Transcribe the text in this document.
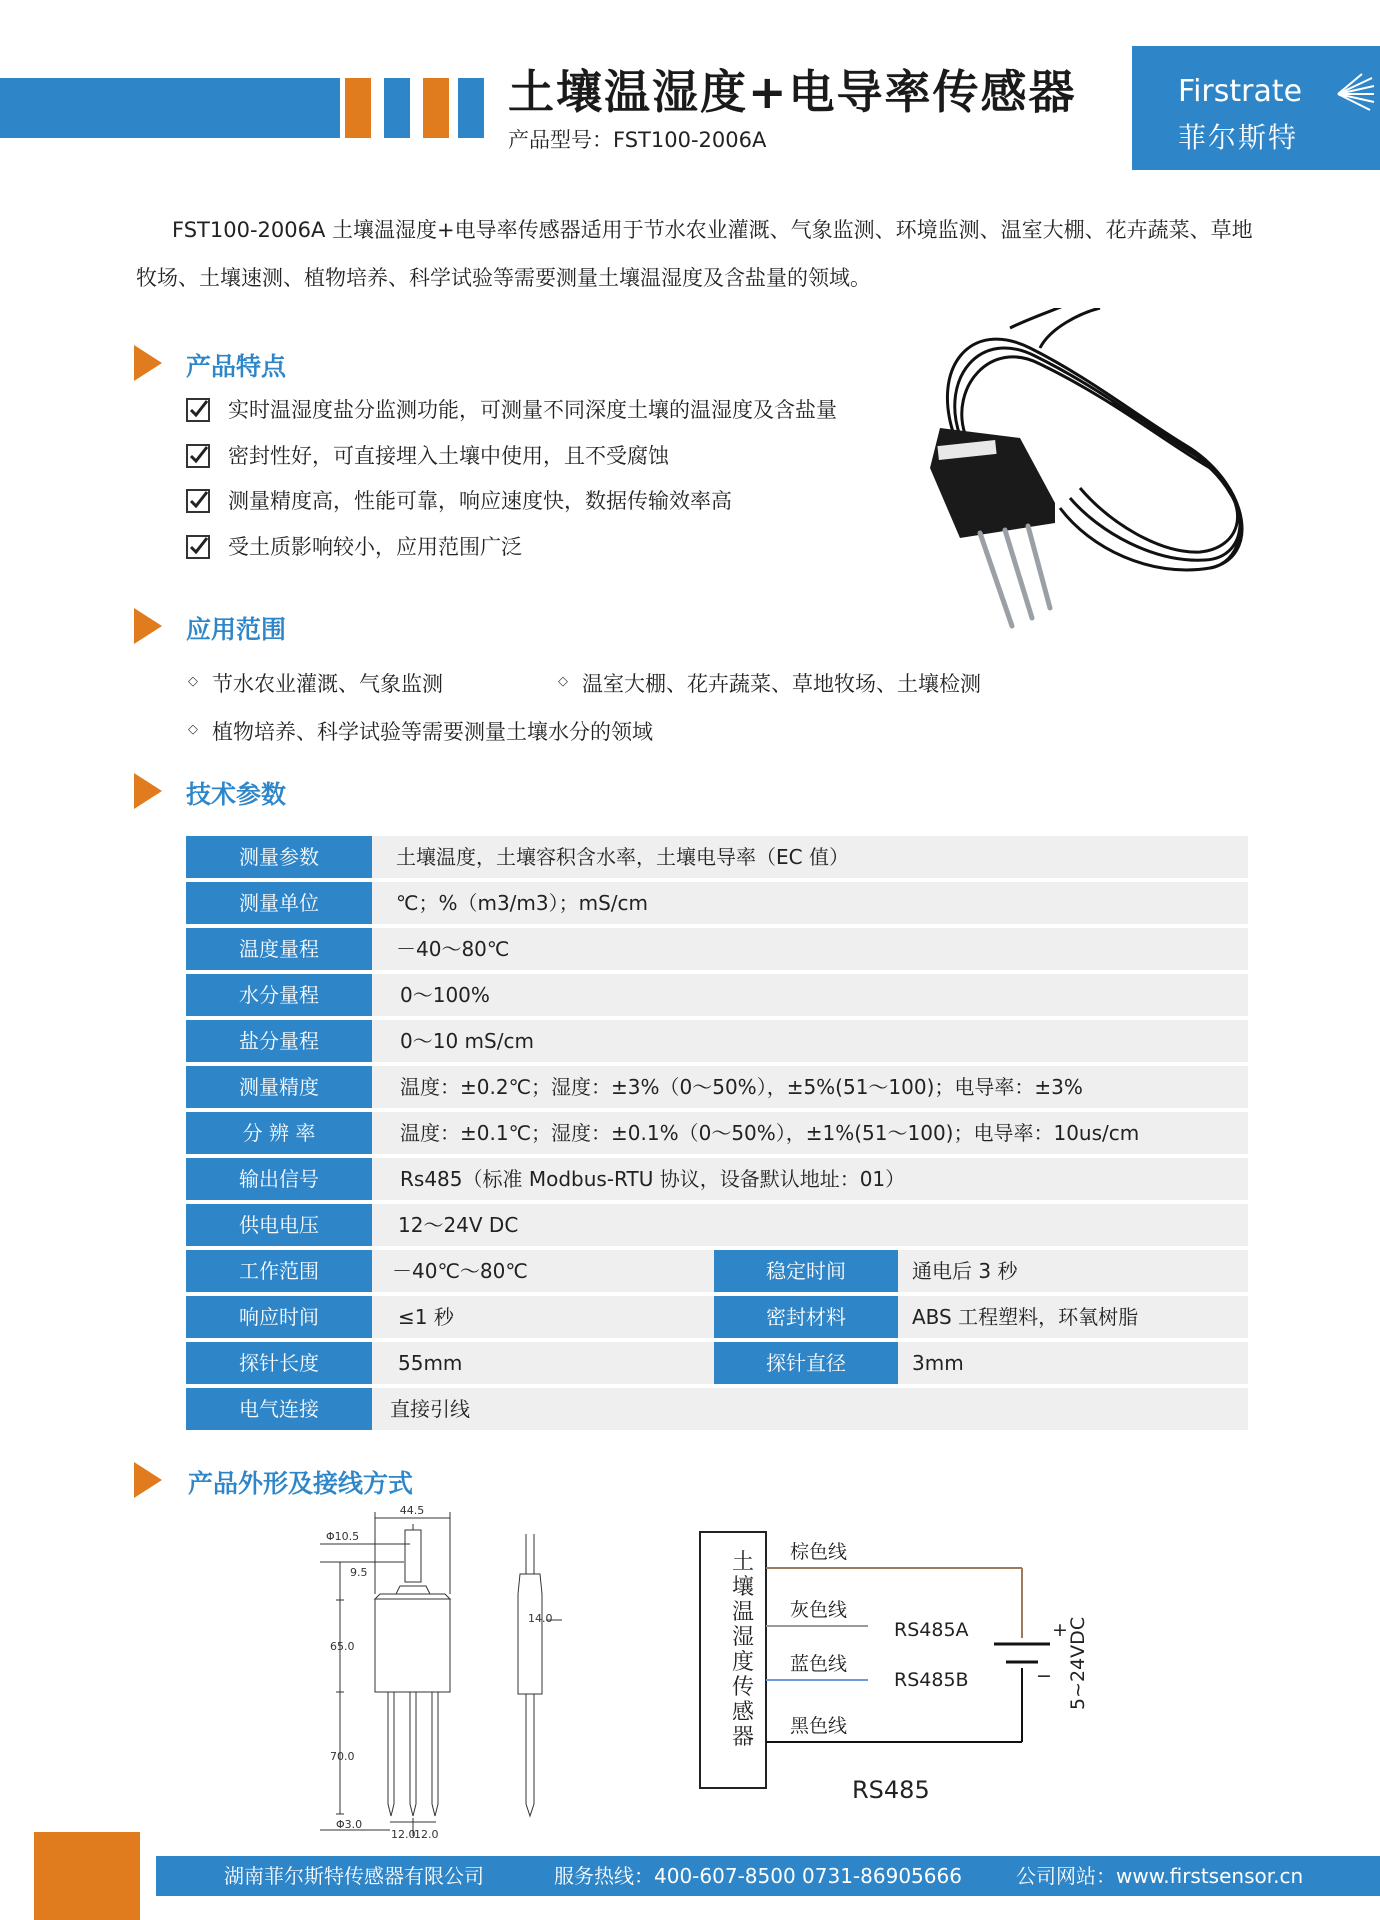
土壤温湿度+电导率传感器
产品型号：FST100-2006A
Firstrate
菲尔斯特
FST100-2006A 土壤温湿度+电导率传感器适用于节水农业灌溉、气象监测、环境监测、温室大棚、花卉蔬菜、草地牧场、土壤速测、植物培养、科学试验等需要测量土壤温湿度及含盐量的领域。
产品特点
实时温湿度盐分监测功能，可测量不同深度土壤的温湿度及含盐量
密封性好，可直接埋入土壤中使用，且不受腐蚀
测量精度高，性能可靠，响应速度快，数据传输效率高
受土质影响较小，应用范围广泛
应用范围
◇ 节水农业灌溉、气象监测	◇ 温室大棚、花卉蔬菜、草地牧场、土壤检测
◇ 植物培养、科学试验等需要测量土壤水分的领域
技术参数
测量参数	土壤温度，土壤容积含水率，土壤电导率（EC 值）
测量单位	℃；%（m3/m3）；mS/cm
温度量程	－40～80℃
水分量程	0～100%
盐分量程	0～10 mS/cm
测量精度	温度：±0.2℃；湿度：±3%（0～50%），±5%(51～100)；电导率：±3%
分 辨 率	温度：±0.1℃；湿度：±0.1%（0～50%），±1%(51～100)；电导率：10us/cm
输出信号	Rs485（标准 Modbus-RTU 协议，设备默认地址：01）
供电电压	12～24V DC
工作范围	－40℃～80℃	稳定时间	通电后 3 秒
响应时间	≤1 秒	密封材料	ABS 工程塑料，环氧树脂
探针长度	55mm	探针直径	3mm
电气连接	直接引线
产品外形及接线方式
44.5
Φ10.5
9.5
65.0
70.0
Φ3.0
12.0
12.0
14.0
+
−
棕色线
灰色线
RS485A
蓝色线
RS485B
黑色线
5~24VDC
RS485
土壤温湿度传感器
湖南菲尔斯特传感器有限公司	服务热线：400-607-8500 0731-86905666	公司网站：www.firstsensor.cn
